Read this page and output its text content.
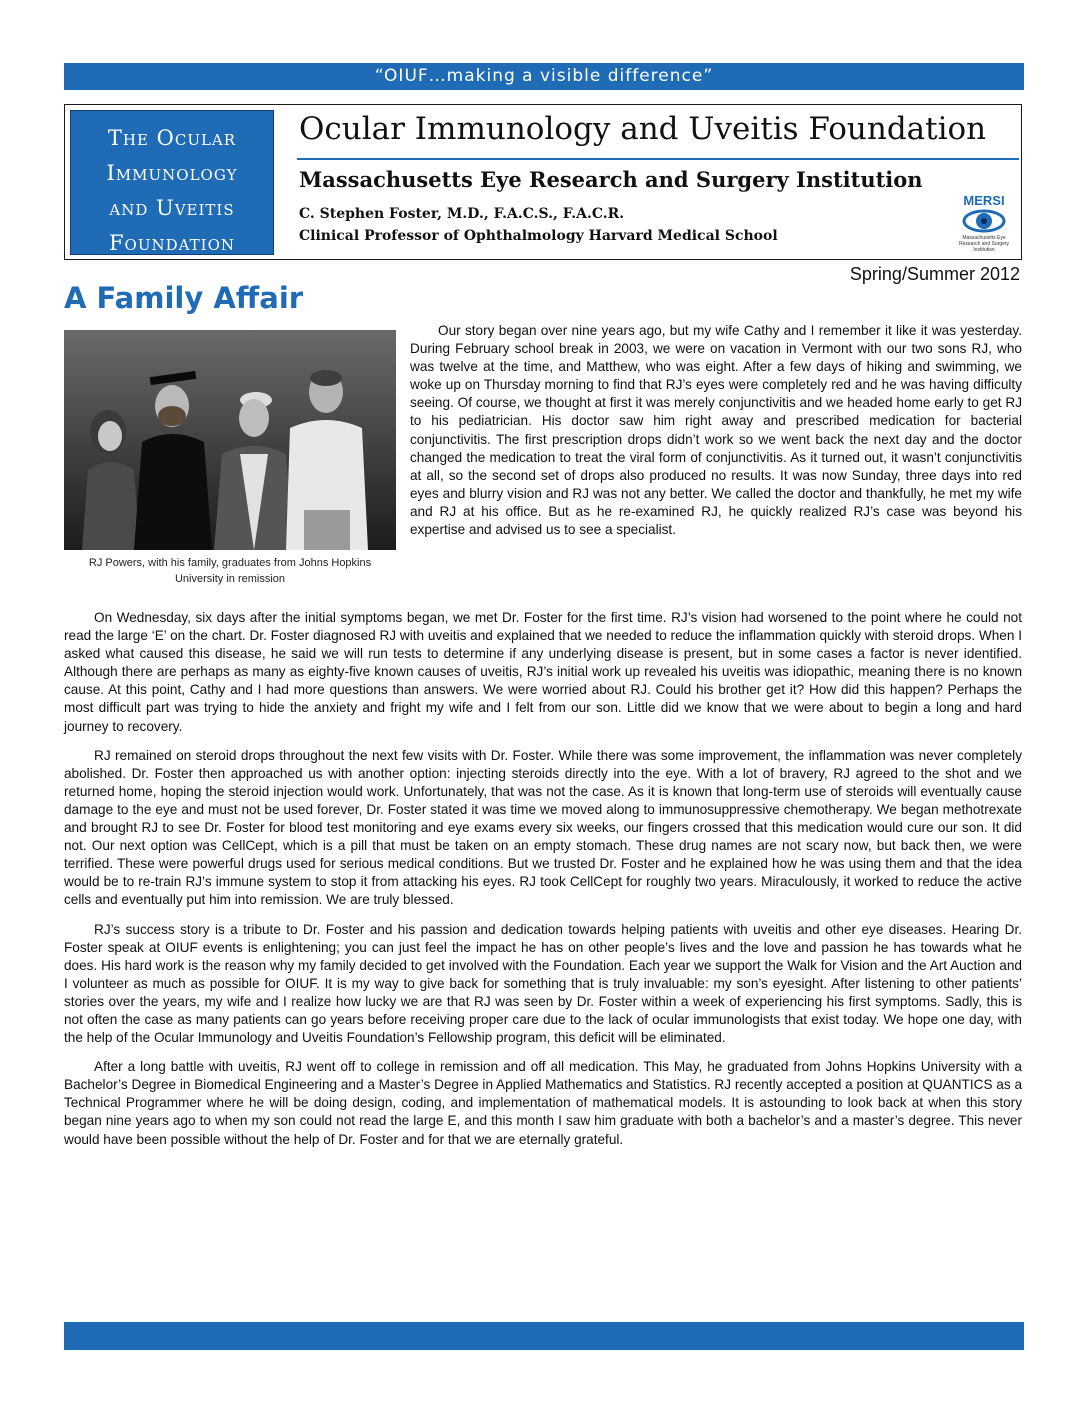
“OIUF…making a visible difference”
The Ocular
Immunology
and Uveitis
Foundation
Ocular Immunology and Uveitis Foundation
Massachusetts Eye Research and Surgery Institution
C. Stephen Foster, M.D., F.A.C.S., F.A.C.R.
Clinical Professor of Ophthalmology Harvard Medical School
MERSI
Massachusetts Eye Research and Surgery Institution
Spring/Summer 2012
A Family Affair
RJ Powers, with his family, graduates from Johns Hopkins University in remission

Our story began over nine years ago, but my wife Cathy and I remember it like it was yesterday. During February school break in 2003, we were on vacation in Vermont with our two sons RJ, who was twelve at the time, and Matthew, who was eight. After a few days of hiking and swimming, we woke up on Thursday morning to find that RJ’s eyes were completely red and he was having difficulty seeing. Of course, we thought at first it was merely conjunctivitis and we headed home early to get RJ to his pediatrician. His doctor saw him right away and prescribed medication for bacterial conjunctivitis. The first prescription drops didn’t work so we went back the next day and the doctor changed the medication to treat the viral form of conjunctivitis. As it turned out, it wasn’t conjunctivitis at all, so the second set of drops also produced no results. It was now Sunday, three days into red eyes and blurry vision and RJ was not any better. We called the doctor and thankfully, he met my wife and RJ at his office. But as he re-examined RJ, he quickly realized RJ’s case was beyond his expertise and advised us to see a specialist.

On Wednesday, six days after the initial symptoms began, we met Dr. Foster for the first time. RJ’s vision had worsened to the point where he could not read the large ‘E’ on the chart. Dr. Foster diagnosed RJ with uveitis and explained that we needed to reduce the inflammation quickly with steroid drops. When I asked what caused this disease, he said we will run tests to determine if any underlying disease is present, but in some cases a factor is never identified. Although there are perhaps as many as eighty-five known causes of uveitis, RJ’s initial work up revealed his uveitis was idiopathic, meaning there is no known cause. At this point, Cathy and I had more questions than answers. We were worried about RJ. Could his brother get it? How did this happen? Perhaps the most difficult part was trying to hide the anxiety and fright my wife and I felt from our son. Little did we know that we were about to begin a long and hard journey to recovery.

RJ remained on steroid drops throughout the next few visits with Dr. Foster. While there was some improvement, the inflammation was never completely abolished. Dr. Foster then approached us with another option: injecting steroids directly into the eye. With a lot of bravery, RJ agreed to the shot and we returned home, hoping the steroid injection would work. Unfortunately, that was not the case. As it is known that long-term use of steroids will eventually cause damage to the eye and must not be used forever, Dr. Foster stated it was time we moved along to immunosuppressive chemotherapy. We began methotrexate and brought RJ to see Dr. Foster for blood test monitoring and eye exams every six weeks, our fingers crossed that this medication would cure our son. It did not. Our next option was CellCept, which is a pill that must be taken on an empty stomach. These drug names are not scary now, but back then, we were terrified. These were powerful drugs used for serious medical conditions. But we trusted Dr. Foster and he explained how he was using them and that the idea would be to re-train RJ’s immune system to stop it from attacking his eyes. RJ took CellCept for roughly two years. Miraculously, it worked to reduce the active cells and eventually put him into remission. We are truly blessed.

RJ’s success story is a tribute to Dr. Foster and his passion and dedication towards helping patients with uveitis and other eye diseases. Hearing Dr. Foster speak at OIUF events is enlightening; you can just feel the impact he has on other people’s lives and the love and passion he has towards what he does. His hard work is the reason why my family decided to get involved with the Foundation. Each year we support the Walk for Vision and the Art Auction and I volunteer as much as possible for OIUF. It is my way to give back for something that is truly invaluable: my son’s eyesight. After listening to other patients’ stories over the years, my wife and I realize how lucky we are that RJ was seen by Dr. Foster within a week of experiencing his first symptoms. Sadly, this is not often the case as many patients can go years before receiving proper care due to the lack of ocular immunologists that exist today. We hope one day, with the help of the Ocular Immunology and Uveitis Foundation’s Fellowship program, this deficit will be eliminated.

After a long battle with uveitis, RJ went off to college in remission and off all medication. This May, he graduated from Johns Hopkins University with a Bachelor’s Degree in Biomedical Engineering and a Master’s Degree in Applied Mathematics and Statistics. RJ recently accepted a position at QUANTICS as a Technical Programmer where he will be doing design, coding, and implementation of mathematical models. It is astounding to look back at when this story began nine years ago to when my son could not read the large E, and this month I saw him graduate with both a bachelor’s and a master’s degree. This never would have been possible without the help of Dr. Foster and for that we are eternally grateful.
